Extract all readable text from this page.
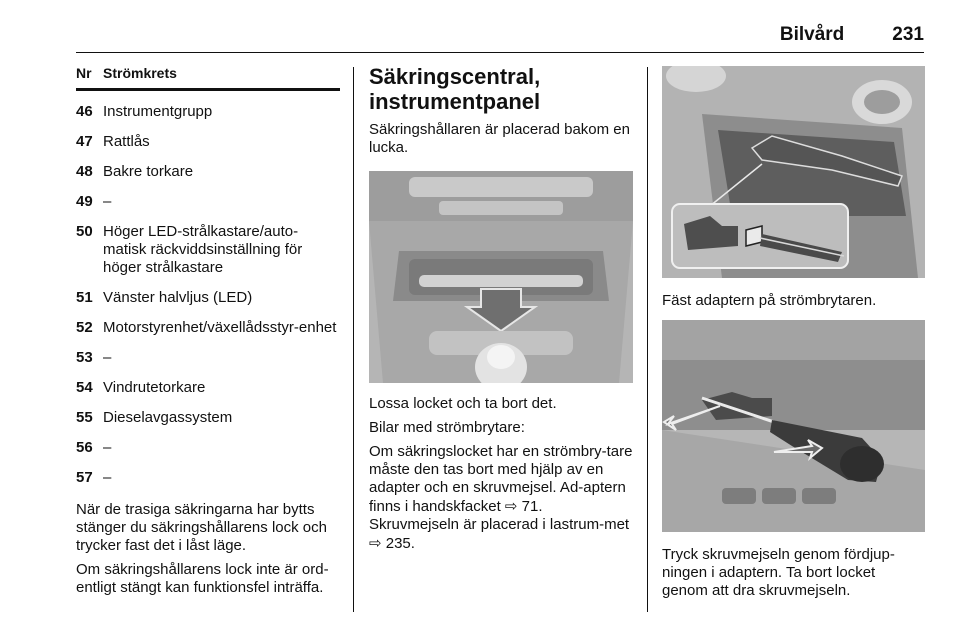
Bilvård	231
Nr Strömkrets
46 Instrumentgrupp
47 Rattlås
48 Bakre torkare
49 –
50 Höger LED-strålkastare/auto-matisk räckviddsinställning för höger strålkastare
51 Vänster halvljus (LED)
52 Motorstyrenhet/växellådsstyr-enhet
53 –
54 Vindrutetorkare
55 Dieselavgassystem
56 –
57 –
När de trasiga säkringarna har bytts stänger du säkringshållarens lock och trycker fast det i låst läge.
Om säkringshållarens lock inte är ord-entligt stängt kan funktionsfel inträffa.
Säkringscentral, instrumentpanel

Säkringshållaren är placerad bakom en lucka.

Lossa locket och ta bort det.

Bilar med strömbrytare:

Om säkringslocket har en strömbry-tare måste den tas bort med hjälp av en adapter och en skruvmejsel. Ad-aptern finns i handskfacket ⇨ 71. Skruvmejseln är placerad i lastrum-met ⇨ 235.

Fäst adaptern på strömbrytaren.

Tryck skruvmejseln genom fördjup-ningen i adaptern. Ta bort locket genom att dra skruvmejseln.
